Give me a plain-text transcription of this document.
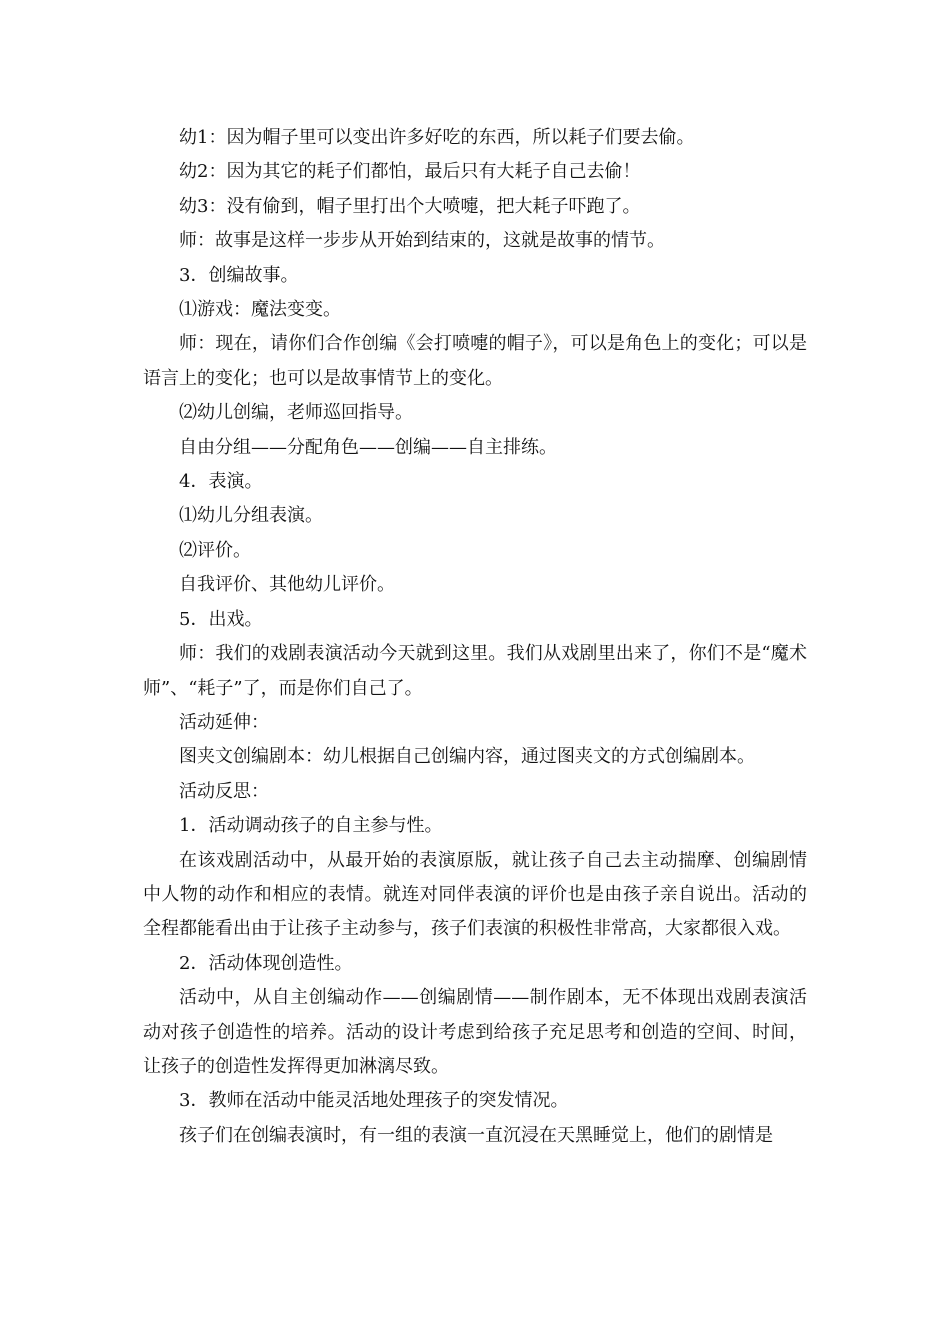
幼1：因为帽子里可以变出许多好吃的东西，所以耗子们要去偷。

幼2：因为其它的耗子们都怕，最后只有大耗子自己去偷！

幼3：没有偷到，帽子里打出个大喷嚏，把大耗子吓跑了。

师：故事是这样一步步从开始到结束的，这就是故事的情节。

3．创编故事。

⑴游戏：魔法变变。

师：现在，请你们合作创编《会打喷嚏的帽子》，可以是角色上的变化；可以是语言上的变化；也可以是故事情节上的变化。

⑵幼儿创编，老师巡回指导。

自由分组——分配角色——创编——自主排练。

4．表演。

⑴幼儿分组表演。

⑵评价。

自我评价、其他幼儿评价。

5．出戏。

师：我们的戏剧表演活动今天就到这里。我们从戏剧里出来了，你们不是“魔术师”、“耗子”了，而是你们自己了。

活动延伸：

图夹文创编剧本：幼儿根据自己创编内容，通过图夹文的方式创编剧本。

活动反思：

1．活动调动孩子的自主参与性。

在该戏剧活动中，从最开始的表演原版，就让孩子自己去主动揣摩、创编剧情中人物的动作和相应的表情。就连对同伴表演的评价也是由孩子亲自说出。活动的全程都能看出由于让孩子主动参与，孩子们表演的积极性非常高，大家都很入戏。

2．活动体现创造性。

活动中，从自主创编动作——创编剧情——制作剧本，无不体现出戏剧表演活动对孩子创造性的培养。活动的设计考虑到给孩子充足思考和创造的空间、时间，让孩子的创造性发挥得更加淋漓尽致。

3．教师在活动中能灵活地处理孩子的突发情况。

孩子们在创编表演时，有一组的表演一直沉浸在天黑睡觉上，他们的剧情是
